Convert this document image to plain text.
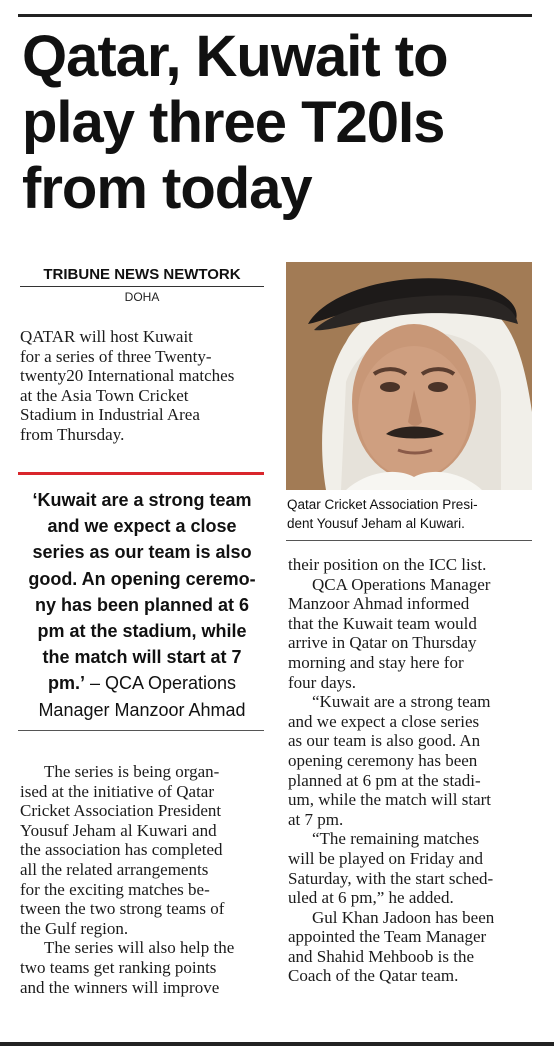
Qatar, Kuwait to
play three T20Is
from today
TRIBUNE NEWS NEWTORK
DOHA

QATAR will host Kuwait
for a series of three Twenty-
twenty20 International matches
at the Asia Town Cricket
Stadium in Industrial Area
from Thursday.

‘Kuwait are a strong team
and we expect a close
series as our team is also
good. An opening ceremo-
ny has been planned at 6
pm at the stadium, while
the match will start at 7
pm.’ – QCA Operations
Manager Manzoor Ahmad

The series is being organ-
ised at the initiative of Qatar
Cricket Association President
Yousuf Jeham al Kuwari and
the association has completed
all the related arrangements
for the exciting matches be-
tween the two strong teams of
the Gulf region.

The series will also help the
two teams get ranking points
and the winners will improve

Qatar Cricket Association Presi-
dent Yousuf Jeham al Kuwari.

their position on the ICC list.

QCA Operations Manager
Manzoor Ahmad informed
that the Kuwait team would
arrive in Qatar on Thursday
morning and stay here for
four days.

“Kuwait are a strong team
and we expect a close series
as our team is also good. An
opening ceremony has been
planned at 6 pm at the stadi-
um, while the match will start
at 7 pm.

“The remaining matches
will be played on Friday and
Saturday, with the start sched-
uled at 6 pm,” he added.

Gul Khan Jadoon has been
appointed the Team Manager
and Shahid Mehboob is the
Coach of the Qatar team.
